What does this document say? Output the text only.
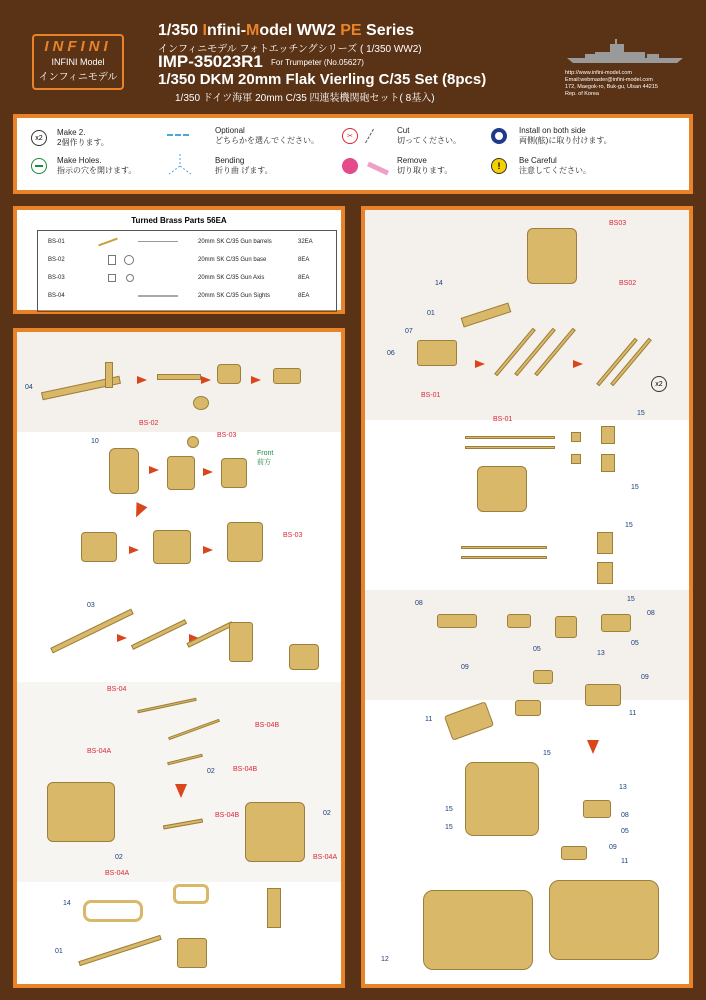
INFINI
INFINI Model
インフィニモデル
1/350 Infini-Model WW2 PE Series
インフィニモデル フォトエッチングシリーズ ( 1/350 WW2)
IMP-35023R1 For Trumpeter (No.05627)
1/350 DKM 20mm Flak Vierling C/35 Set (8pcs)
1/350 ドイツ海軍 20mm C/35 四連装機関砲セット( 8基入)
http://www.infini-model.com
Email:webmaster@infini-model.com
172, Maegok-ro, Buk-gu, Ulsan 44215
Rep. of Korea
x2
Make 2.
2個作ります。
Make Holes.
指示の穴を開けます。
Optional
どちらかを選んでください。
Bending
折り曲 げます。
✂
Cut
切ってください。
Remove
切り取ります。
Install on both side
両側(舷)に取り付けます。
!
Be Careful
注意してください。
Turned Brass Parts 56EA
BS-01	20mm SK C/35 Gun barrels	32EA
BS-02	20mm SK C/35 Gun base	8EA
BS-03	20mm SK C/35 Gun Axis	8EA
BS-04	20mm SK C/35 Gun Sights	8EA
04
BS-02
10
BS-03
Front
前方
BS-03
03
BS-04
BS-04B
BS-04A
02	BS-04B
BS-04B	02
02	BS-04A
BS-04A
14
01
BS03
BS02
14
01
07
06
x2
BS-01
BS-01
15
15
15
15
08
05
13
08
05
09
09
11
11
15
15
15
13
08
05
09
11
12
